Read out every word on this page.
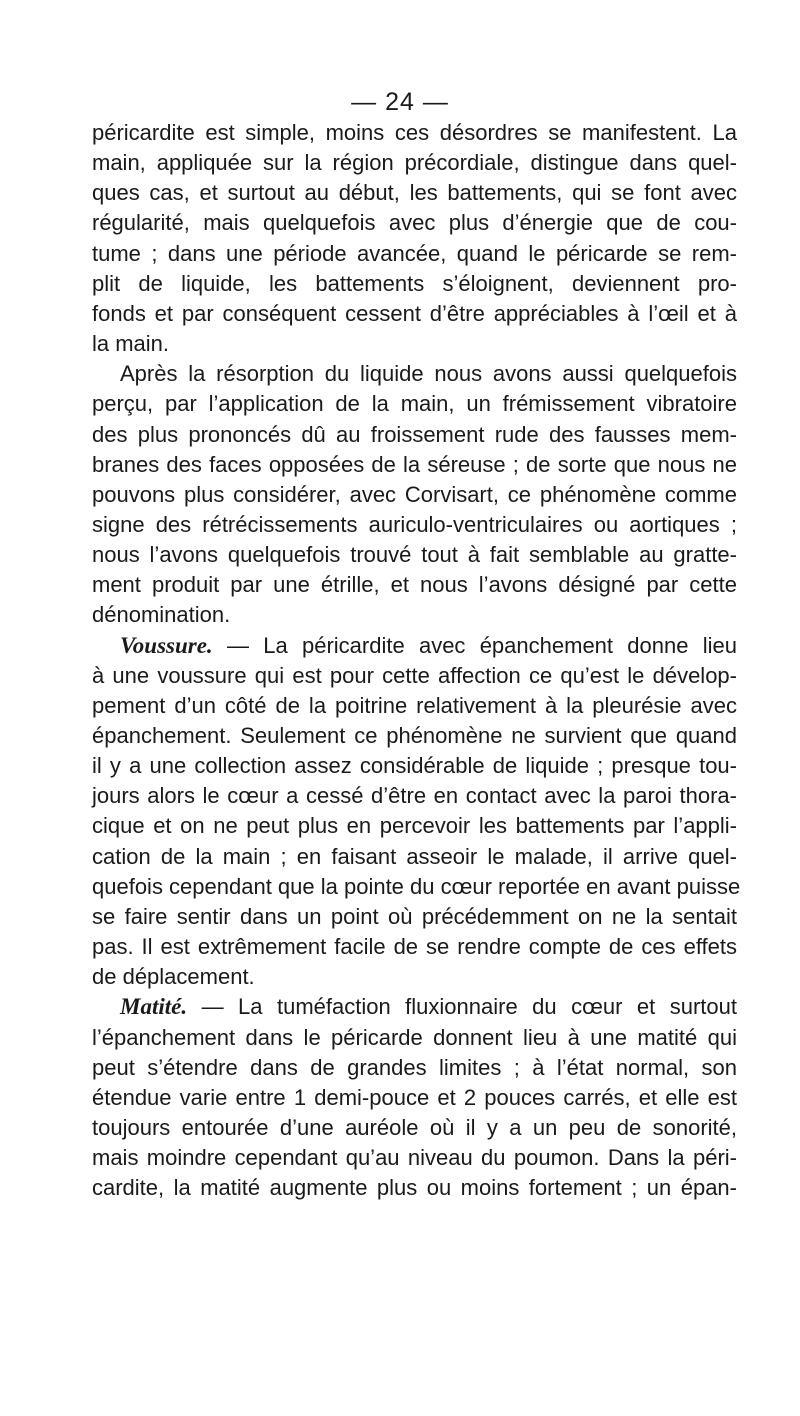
— 24 —
péricardite est simple, moins ces désordres se manifestent. La
main, appliquée sur la région précordiale, distingue dans quel-
ques cas, et surtout au début, les battements, qui se font avec
régularité, mais quelquefois avec plus d’énergie que de cou-
tume ; dans une période avancée, quand le péricarde se rem-
plit de liquide, les battements s’éloignent, deviennent pro-
fonds et par conséquent cessent d’être appréciables à l’œil et à
la main.
Après la résorption du liquide nous avons aussi quelquefois
perçu, par l’application de la main, un frémissement vibratoire
des plus prononcés dû au froissement rude des fausses mem-
branes des faces opposées de la séreuse ; de sorte que nous ne
pouvons plus considérer, avec Corvisart, ce phénomène comme
signe des rétrécissements auriculo-ventriculaires ou aortiques ;
nous l’avons quelquefois trouvé tout à fait semblable au gratte-
ment produit par une étrille, et nous l’avons désigné par cette
dénomination.
Voussure. — La péricardite avec épanchement donne lieu
à une voussure qui est pour cette affection ce qu’est le dévelop-
pement d’un côté de la poitrine relativement à la pleurésie avec
épanchement. Seulement ce phénomène ne survient que quand
il y a une collection assez considérable de liquide ; presque tou-
jours alors le cœur a cessé d’être en contact avec la paroi thora-
cique et on ne peut plus en percevoir les battements par l’appli-
cation de la main ; en faisant asseoir le malade, il arrive quel-
quefois cependant que la pointe du cœur reportée en avant puisse
se faire sentir dans un point où précédemment on ne la sentait
pas. Il est extrêmement facile de se rendre compte de ces effets
de déplacement.
Matité. — La tuméfaction fluxionnaire du cœur et surtout
l’épanchement dans le péricarde donnent lieu à une matité qui
peut s’étendre dans de grandes limites ; à l’état normal, son
étendue varie entre 1 demi-pouce et 2 pouces carrés, et elle est
toujours entourée d’une auréole où il y a un peu de sonorité,
mais moindre cependant qu’au niveau du poumon. Dans la péri-
cardite, la matité augmente plus ou moins fortement ; un épan-
